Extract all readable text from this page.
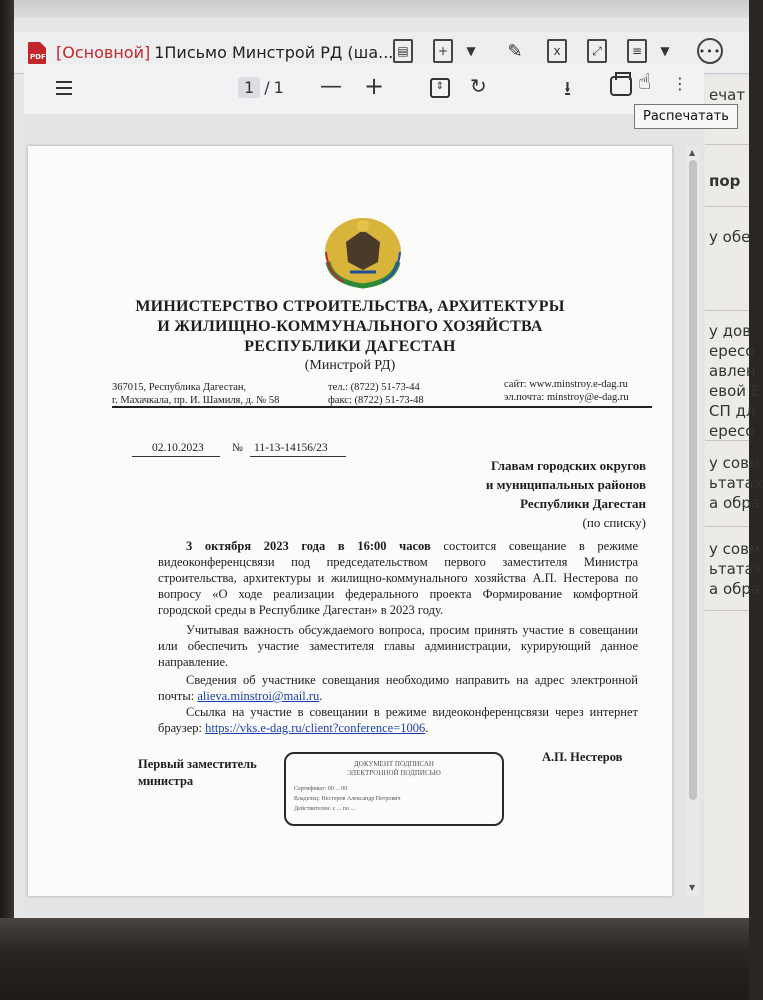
PDF [Основной] 1Письмо Минстрой РД (ша... ▤	+	▼	✎	x	⤢	≡	▼	•••
ечат
пор
у обе
у дов
ересо
авлен
евой E
СП дл
ересо
у совм
ьтатах
а обра
у совм
ьтатах
а обра
1 / 1 — +	⇕ ↻	⭳	☝ ⋮
Распечатать
МИНИСТЕРСТВО СТРОИТЕЛЬСТВА, АРХИТЕКТУРЫ
И ЖИЛИЩНО-КОММУНАЛЬНОГО ХОЗЯЙСТВА
РЕСПУБЛИКИ ДАГЕСТАН
(Минстрой РД)
367015, Республика Дагестан,
г. Махачкала, пр. И. Шамиля, д. № 58
тел.: (8722) 51-73-44
факс: (8722) 51-73-48
сайт: www.minstroy.e-dag.ru
эл.почта: minstroy@e-dag.ru
02.10.2023 № 11-13-14156/23
Главам городских округов
и муниципальных районов
Республики Дагестан
(по списку)
3 октября 2023 года в 16:00 часов состоится совещание в режиме видеоконференцсвязи под председательством первого заместителя Министра строительства, архитектуры и жилищно-коммунального хозяйства А.П. Нестерова по вопросу «О ходе реализации федерального проекта Формирование комфортной городской среды в Республике Дагестан» в 2023 году.
Учитывая важность обсуждаемого вопроса, просим принять участие в совещании или обеспечить участие заместителя главы администрации, курирующий данное направление.
Сведения об участнике совещания необходимо направить на адрес электронной почты: alieva.minstroi@mail.ru.
Ссылка на участие в совещании в режиме видеоконференцсвязи через интернет браузер: https://vks.e-dag.ru/client?conference=1006.
Первый заместитель министра
ДОКУМЕНТ ПОДПИСАН
ЭЛЕКТРОННОЙ ПОДПИСЬЮ
Сертификат: 00 ... 00
Владелец: Нестеров Александр Петрович
Действителен: с ... по ...
А.П. Нестеров
▲
▼
